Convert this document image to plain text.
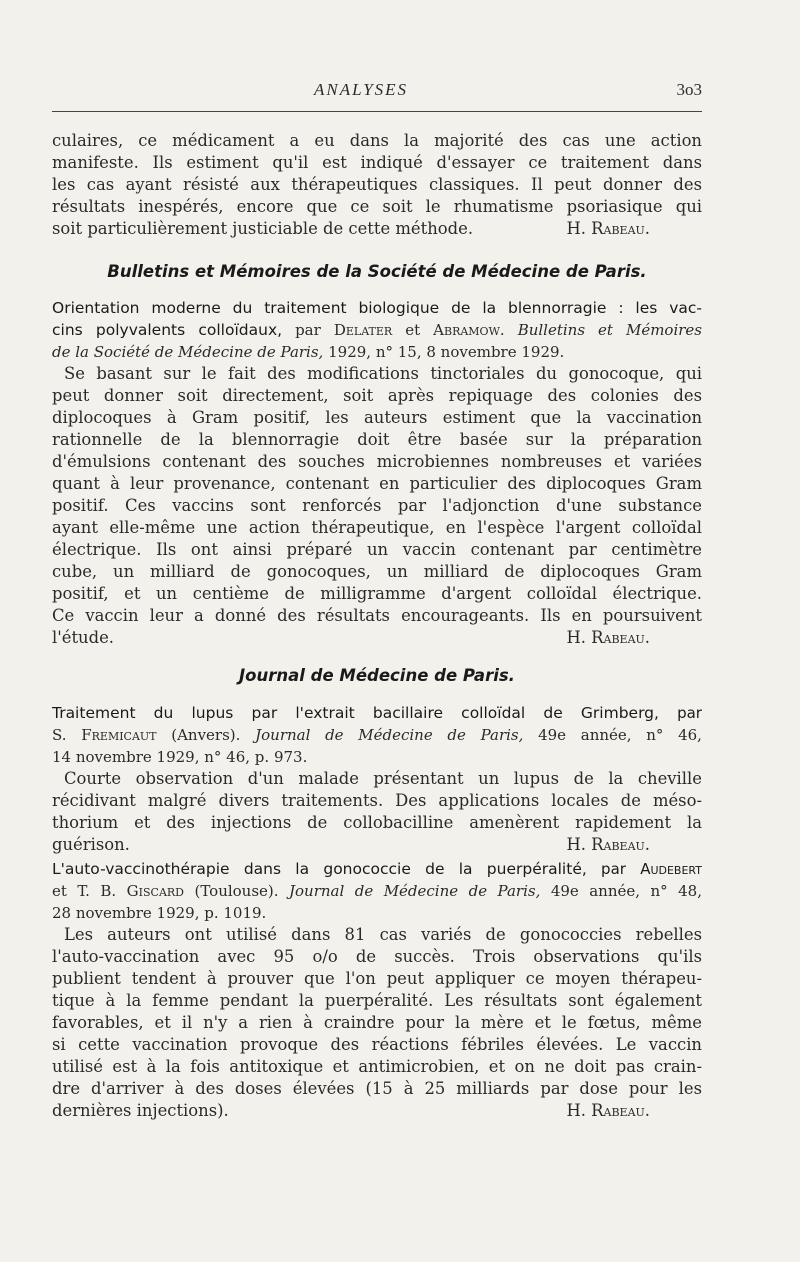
ANALYSES	3o3

culaires, ce médicament a eu dans la majorité des cas une action

manifeste. Ils estiment qu'il est indiqué d'essayer ce traitement dans

les cas ayant résisté aux thérapeutiques classiques. Il peut donner des

résultats inespérés, encore que ce soit le rhumatisme psoriasique qui

soit particulièrement justiciable de cette méthode.	H. Rabeau.

Bulletins et Mémoires de la Société de Médecine de Paris.

Orientation moderne du traitement biologique de la blennorragie : les vac-

cins polyvalents colloïdaux, par Delater et Abramow. Bulletins et Mémoires

de la Société de Médecine de Paris, 1929, n° 15, 8 novembre 1929.

Se basant sur le fait des modifications tinctoriales du gonocoque, qui

peut donner soit directement, soit après repiquage des colonies des

diplocoques à Gram positif, les auteurs estiment que la vaccination

rationnelle de la blennorragie doit être basée sur la préparation

d'émulsions contenant des souches microbiennes nombreuses et variées

quant à leur provenance, contenant en particulier des diplocoques Gram

positif. Ces vaccins sont renforcés par l'adjonction d'une substance

ayant elle-même une action thérapeutique, en l'espèce l'argent colloïdal

électrique. Ils ont ainsi préparé un vaccin contenant par centimètre

cube, un milliard de gonocoques, un milliard de diplocoques Gram

positif, et un centième de milligramme d'argent colloïdal électrique.

Ce vaccin leur a donné des résultats encourageants. Ils en poursuivent

l'étude.	H. Rabeau.

Journal de Médecine de Paris.

Traitement du lupus par l'extrait bacillaire colloïdal de Grimberg, par

S. Fremicaut (Anvers). Journal de Médecine de Paris, 49e année, n° 46,

14 novembre 1929, n° 46, p. 973.

Courte observation d'un malade présentant un lupus de la cheville

récidivant malgré divers traitements. Des applications locales de méso-

thorium et des injections de collobacilline amenèrent rapidement la

guérison.	H. Rabeau.

L'auto-vaccinothérapie dans la gonococcie de la puerpéralité, par Audebert

et T. B. Giscard (Toulouse). Journal de Médecine de Paris, 49e année, n° 48,

28 novembre 1929, p. 1019.

Les auteurs ont utilisé dans 81 cas variés de gonococcies rebelles

l'auto-vaccination avec 95 o/o de succès. Trois observations qu'ils

publient tendent à prouver que l'on peut appliquer ce moyen thérapeu-

tique à la femme pendant la puerpéralité. Les résultats sont également

favorables, et il n'y a rien à craindre pour la mère et le fœtus, même

si cette vaccination provoque des réactions fébriles élevées. Le vaccin

utilisé est à la fois antitoxique et antimicrobien, et on ne doit pas crain-

dre d'arriver à des doses élevées (15 à 25 milliards par dose pour les

dernières injections).	H. Rabeau.
